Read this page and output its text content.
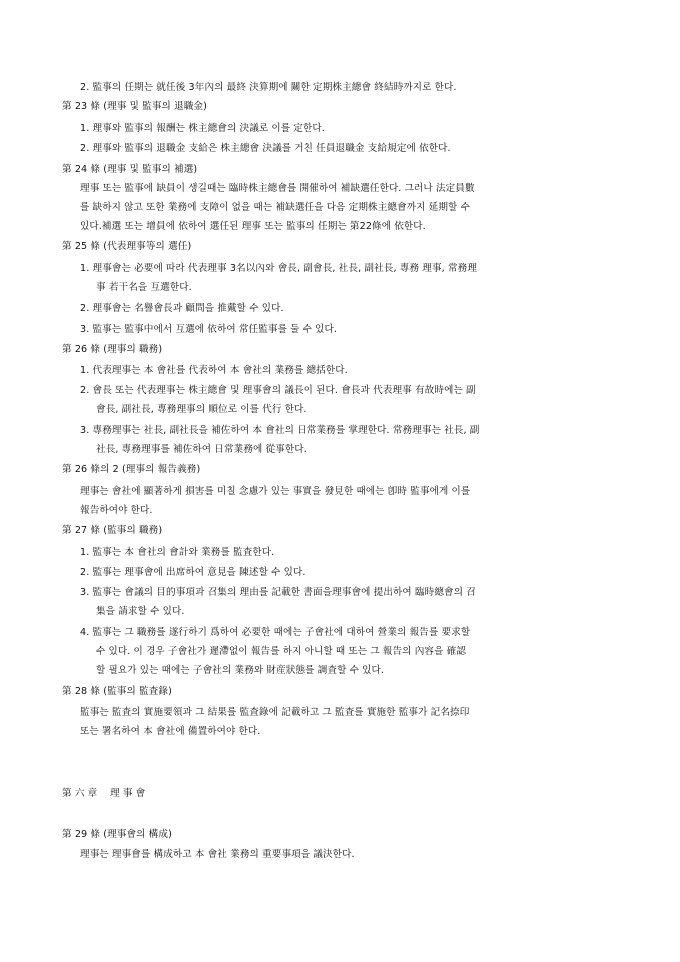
2. 監事의 任期는 就任後 3年內의 最終 決算期에 關한 定期株主總會 終結時까지로 한다.
第 23 條 (理事 및 監事의 退職金)
1. 理事와 監事의 報酬는 株主總會의 決議로 이를 定한다.
2. 理事와 監事의 退職金 支給은 株主總會 決議를 거친 任員退職金 支給規定에 依한다.
第 24 條 (理事 및 監事의 補選)
理事 또는 監事에 缺員이 생길때는 臨時株主總會를 開催하여 補缺選任한다. 그러나 法定員數
를 缺하지 않고 또한 業務에 支障이 없을 때는 補缺選任을 다음 定期株主總會까지 延期할 수
있다.補選 또는 增員에 依하여 選任된 理事 또는 監事의 任期는 第22條에 依한다.
第 25 條 (代表理事等의 選任)
1. 理事會는 必要에 따라 代表理事 3名以內와 會長, 副會長, 社長, 副社長, 專務 理事, 常務理
事 若干名을 互選한다.
2. 理事會는 名譽會長과 顧問을 推戴할 수 있다.
3. 監事는 監事中에서 互選에 依하여 常任監事를 둘 수 있다.
第 26 條 (理事의 職務)
1. 代表理事는 本 會社를 代表하여 本 會社의 業務를 總括한다.
2. 會長 또는 代表理事는 株主總會 및 理事會의 議長이 된다. 會長과 代表理事 有故時에는 副
會長, 副社長, 專務理事의 順位로 이를 代行 한다.
3. 專務理事는 社長, 副社長을 補佐하여 本 會社의 日常業務를 掌理한다. 常務理事는 社長, 副
社長, 專務理事를 補佐하여 日常業務에 從事한다.
第 26 條의 2 (理事의 報告義務)
理事는 會社에 顯著하게 損害를 미칠 念慮가 있는 事實을 發見한 때에는 卽時 監事에게 이를
報告하여야 한다.
第 27 條 (監事의 職務)
1. 監事는 本 會社의 會計와 業務를 監査한다.
2. 監事는 理事會에 出席하여 意見을 陳述할 수 있다.
3. 監事는 會議의 目的事項과 召集의 理由를 記載한 書面을理事會에 提出하여 臨時總會의 召
集을 請求할 수 있다.
4. 監事는 그 職務를 遂行하기 爲하여 必要한 때에는 子會社에 대하여 營業의 報告를 要求할
수 있다. 이 경우 子會社가 遲滯없이 報告를 하지 아니할 때 또는 그 報告의 內容을 確認
할 필요가 있는 때에는 子會社의 業務와 財産狀態를 調査할 수 있다.
第 28 條 (監事의 監査錄)
監事는 監査의 實施要領과 그 結果를 監査錄에 記載하고 그 監査를 實施한 監事가 記名捺印
또는 署名하여 本 會社에 備置하여야 한다.
第 六 章    理 事 會
第 29 條 (理事會의 構成)
理事는 理事會를 構成하고 本 會社 業務의 重要事項을 議決한다.
